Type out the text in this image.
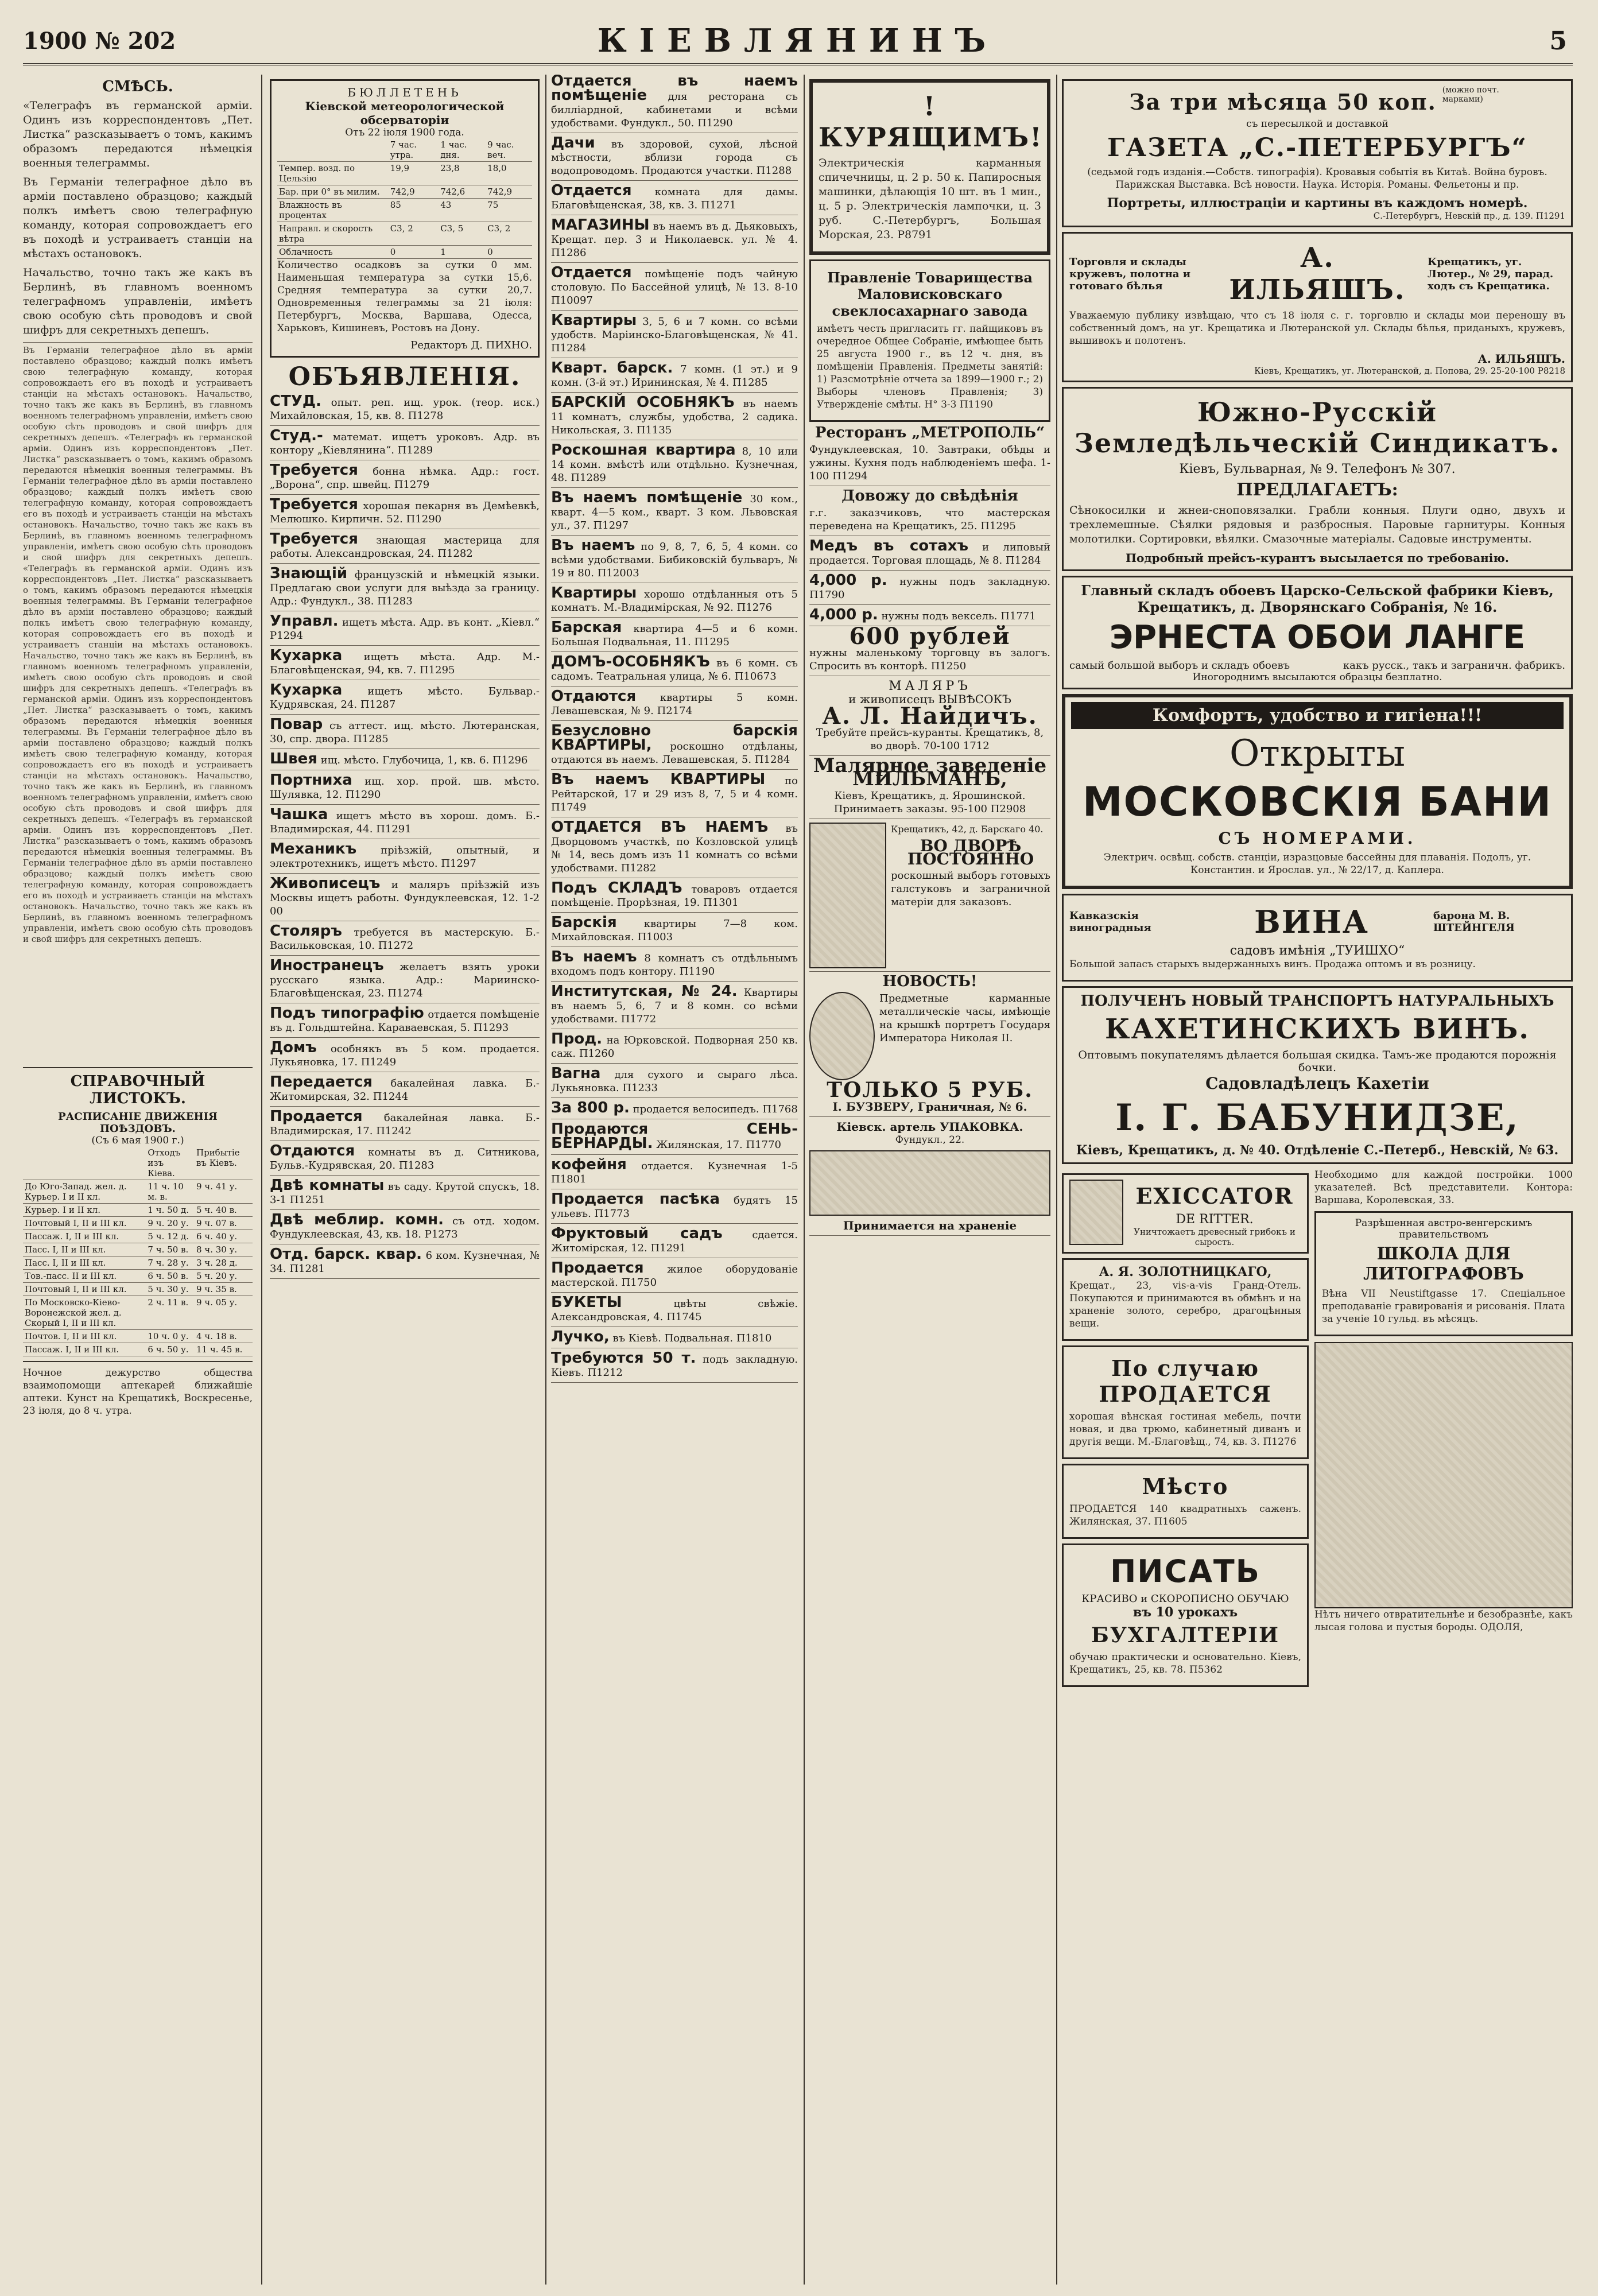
1900 № 202	КІЕВЛЯНИНЪ	5
СМѢСЬ.

«Телеграфъ въ германской арміи. Одинъ изъ корреспондентовъ „Пет. Листка“ разсказываетъ о томъ, какимъ образомъ передаются нѣмецкія военныя телеграммы.

Въ Германіи телеграфное дѣло въ арміи поставлено образцово; каждый полкъ имѣетъ свою телеграфную команду, которая сопровождаетъ его въ походѣ и устраиваетъ станціи на мѣстахъ остановокъ.

Начальство, точно такъ же какъ въ Берлинѣ, въ главномъ военномъ телеграфномъ управленіи, имѣетъ свою особую сѣть проводовъ и свой шифръ для секретныхъ депешъ.

Въ Германіи телеграфное дѣло въ арміи поставлено образцово; каждый полкъ имѣетъ свою телеграфную команду, которая сопровождаетъ его въ походѣ и устраиваетъ станціи на мѣстахъ остановокъ. Начальство, точно такъ же какъ въ Берлинѣ, въ главномъ военномъ телеграфномъ управленіи, имѣетъ свою особую сѣть проводовъ и свой шифръ для секретныхъ депешъ. «Телеграфъ въ германской арміи. Одинъ изъ корреспондентовъ „Пет. Листка“ разсказываетъ о томъ, какимъ образомъ передаются нѣмецкія военныя телеграммы. Въ Германіи телеграфное дѣло въ арміи поставлено образцово; каждый полкъ имѣетъ свою телеграфную команду, которая сопровождаетъ его въ походѣ и устраиваетъ станціи на мѣстахъ остановокъ. Начальство, точно такъ же какъ въ Берлинѣ, въ главномъ военномъ телеграфномъ управленіи, имѣетъ свою особую сѣть проводовъ и свой шифръ для секретныхъ депешъ. «Телеграфъ въ германской арміи. Одинъ изъ корреспондентовъ „Пет. Листка“ разсказываетъ о томъ, какимъ образомъ передаются нѣмецкія военныя телеграммы. Въ Германіи телеграфное дѣло въ арміи поставлено образцово; каждый полкъ имѣетъ свою телеграфную команду, которая сопровождаетъ его въ походѣ и устраиваетъ станціи на мѣстахъ остановокъ. Начальство, точно такъ же какъ въ Берлинѣ, въ главномъ военномъ телеграфномъ управленіи, имѣетъ свою особую сѣть проводовъ и свой шифръ для секретныхъ депешъ. «Телеграфъ въ германской арміи. Одинъ изъ корреспондентовъ „Пет. Листка“ разсказываетъ о томъ, какимъ образомъ передаются нѣмецкія военныя телеграммы. Въ Германіи телеграфное дѣло въ арміи поставлено образцово; каждый полкъ имѣетъ свою телеграфную команду, которая сопровождаетъ его въ походѣ и устраиваетъ станціи на мѣстахъ остановокъ. Начальство, точно такъ же какъ въ Берлинѣ, въ главномъ военномъ телеграфномъ управленіи, имѣетъ свою особую сѣть проводовъ и свой шифръ для секретныхъ депешъ. «Телеграфъ въ германской арміи. Одинъ изъ корреспондентовъ „Пет. Листка“ разсказываетъ о томъ, какимъ образомъ передаются нѣмецкія военныя телеграммы. Въ Германіи телеграфное дѣло въ арміи поставлено образцово; каждый полкъ имѣетъ свою телеграфную команду, которая сопровождаетъ его въ походѣ и устраиваетъ станціи на мѣстахъ остановокъ. Начальство, точно такъ же какъ въ Берлинѣ, въ главномъ военномъ телеграфномъ управленіи, имѣетъ свою особую сѣть проводовъ и свой шифръ для секретныхъ депешъ.
СПРАВОЧНЫЙ ЛИСТОКЪ.
РАСПИСАНІЕ ДВИЖЕНІЯ ПОѢЗДОВЪ.
(Съ 6 мая 1900 г.)
	Отходъ изъ Кіева.	Прибытіе въ Кіевъ.
До Юго-Запад. жел. д. Курьер. I и II кл.	11 ч. 10 м. в.	9 ч. 41 у.
Курьер. I и II кл.	1 ч. 50 д.	5 ч. 40 в.
Почтовый I, II и III кл.	9 ч. 20 у.	9 ч. 07 в.
Пассаж. I, II и III кл.	5 ч. 12 д.	6 ч. 40 у.
Пасс. I, II и III кл.	7 ч. 50 в.	8 ч. 30 у.
Пасс. I, II и III кл.	7 ч. 28 у.	3 ч. 28 д.
Тов.-пасс. II и III кл.	6 ч. 50 в.	5 ч. 20 у.
Почтовый I, II и III кл.	5 ч. 30 у.	9 ч. 35 в.
По Московско-Кіево-Воронежской жел. д. Скорый I, II и III кл.	2 ч. 11 в.	9 ч. 05 у.
Почтов. I, II и III кл.	10 ч. 0 у.	4 ч. 18 в.
Пассаж. I, II и III кл.	6 ч. 50 у.	11 ч. 45 в.

Ночное дежурство общества взаимопомощи аптекарей ближайшіе аптеки. Кунст на Крещатикѣ, Воскресенье, 23 іюля, до 8 ч. утра.

БЮЛЛЕТЕНЬ
Кіевской метеорологической обсерваторіи
Отъ 22 іюля 1900 года.
	7 час. утра.	1 час. дня.	9 час. веч.
Темпер. возд. по Цельзію	19,9	23,8	18,0
Бар. при 0° въ милим.	742,9	742,6	742,9
Влажность въ процентах	85	43	75
Направл. и скорость вѣтра	С3, 2	С3, 5	С3, 2
Облачность	0	1	0

Количество осадковъ за сутки 0 мм. Наименьшая температура за сутки 15,6. Средняя температура за сутки 20,7. Одновременныя телеграммы за 21 іюля: Петербургъ, Москва, Варшава, Одесса, Харьковъ, Кишиневъ, Ростовъ на Дону.

Редакторъ Д. ПИХНО.
ОБЪЯВЛЕНІЯ.
СТУД. опыт. реп. ищ. урок. (теор. иск.) Михайловская, 15, кв. 8. П1278
Студ.- математ. ищетъ уроковъ. Адр. въ контору „Кіевлянина“. П1289
Требуется бонна нѣмка. Адр.: гост. „Ворона“, спр. швейц. П1279
Требуется хорошая пекарня въ Демѣевкѣ, Мелюшко. Кирпичн. 52. П1290
Требуется знающая мастерица для работы. Александровская, 24. П1282
Знающій французскій и нѣмецкій языки. Предлагаю свои услуги для выѣзда за границу. Адр.: Фундукл., 38. П1283
Управл. ищетъ мѣста. Адр. въ конт. „Кіевл.“ Р1294
Кухарка ищетъ мѣста. Адр. М.-Благовѣщенская, 94, кв. 7. П1295
Кухарка ищетъ мѣсто. Бульвар.-Кудрявская, 24. П1287
Повар съ аттест. ищ. мѣсто. Лютеранская, 30, спр. двора. П1285
Швея ищ. мѣсто. Глубочица, 1, кв. 6. П1296
Портниха ищ. хор. прой. шв. мѣсто. Шулявка, 12. П1290
Чашка ищетъ мѣсто въ хорош. домъ. Б.-Владимирская, 44. П1291
Механикъ пріѣзжій, опытный, и электротехникъ, ищетъ мѣсто. П1297
Живописецъ и маляръ пріѣзжій изъ Москвы ищетъ работы. Фундуклеевская, 12. 1-2 00
Столяръ требуется въ мастерскую. Б.-Васильковская, 10. П1272
Иностранецъ желаетъ взять уроки русскаго языка. Адр.: Мариинско-Благовѣщенская, 23. П1274
Подъ типографію отдается помѣщеніе въ д. Гольдштейна. Караваевская, 5. П1293
Домъ особнякъ въ 5 ком. продается. Лукьяновка, 17. П1249
Передается бакалейная лавка. Б.-Житомирская, 32. П1244
Продается бакалейная лавка. Б.-Владимирская, 17. П1242
Отдаются комнаты въ д. Ситникова, Бульв.-Кудрявская, 20. П1283
Двѣ комнаты въ саду. Крутой спускъ, 18. 3-1 П1251
Двѣ меблир. комн. съ отд. ходом. Фундуклеевская, 43, кв. 18. Р1273
Отд. барск. квар. 6 ком. Кузнечная, № 34. П1281
Отдается въ наемъ помѣщеніе для ресторана съ билліардной, кабинетами и всѣми удобствами. Фундукл., 50. П1290
Дачи въ здоровой, сухой, лѣсной мѣстности, вблизи города съ водопроводомъ. Продаются участки. П1288
Отдается комната для дамы. Благовѣщенская, 38, кв. 3. П1271
МАГАЗИНЫ въ наемъ въ д. Дьяковыхъ, Крещат. пер. 3 и Николаевск. ул. № 4. П1286
Отдается помѣщеніе подъ чайную столовую. По Бассейной улицѣ, № 13. 8-10 П10097
Квартиры 3, 5, 6 и 7 комн. со всѣми удобств. Маріинско-Благовѣщенская, № 41. П1284
Кварт. барск. 7 комн. (1 эт.) и 9 комн. (3-й эт.) Ирининская, № 4. П1285
БАРСКІЙ ОСОБНЯКЪ въ наемъ 11 комнатъ, службы, удобства, 2 садика. Никольская, 3. П1135
Роскошная квартира 8, 10 или 14 комн. вмѣстѣ или отдѣльно. Кузнечная, 48. П1289
Въ наемъ помѣщеніе 30 ком., кварт. 4—5 ком., кварт. 3 ком. Львовская ул., 37. П1297
Въ наемъ по 9, 8, 7, 6, 5, 4 комн. со всѣми удобствами. Бибиковскій бульваръ, № 19 и 80. П12003
Квартиры хорошо отдѣланныя отъ 5 комнатъ. М.-Владимірская, № 92. П1276
Барская квартира 4—5 и 6 комн. Большая Подвальная, 11. П1295
ДОМЪ-ОСОБНЯКЪ въ 6 комн. съ садомъ. Театральная улица, № 6. П10673
Отдаются квартиры 5 комн. Левашевская, № 9. П2174
Безусловно барскія КВАРТИРЫ, роскошно отдѣланы, отдаются въ наемъ. Левашевская, 5. П1284
Въ наемъ КВАРТИРЫ по Рейтарской, 17 и 29 изъ 8, 7, 5 и 4 комн. П1749
ОТДАЕТСЯ ВЪ НАЕМЪ въ Дворцовомъ участкѣ, по Козловской улицѣ № 14, весь домъ изъ 11 комнатъ со всѣми удобствами. П1282
Подъ СКЛАДЪ товаровъ отдается помѣщеніе. Прорѣзная, 19. П1301
Барскія	квартиры 7—8 ком. Михайловская. П1003
Въ наемъ 8 комнатъ съ отдѣльнымъ входомъ подъ контору. П1190
Институтская, № 24. Квартиры въ наемъ 5, 6, 7 и 8 комн. со всѣми удобствами. П1772
Прод. на Юрковской. Подворная 250 кв. саж. П1260
Вагна для сухого и сыраго лѣса. Лукьяновка. П1233
За 800 р. продается велосипедъ. П1768
Продаются СЕНЬ-БЕРНАРДЫ. Жилянская, 17. П1770
кофейня отдается. Кузнечная 1-5 П1801
Продается пасѣка будятъ 15 ульевъ. П1773
Фруктовый садъ	сдается. Житомірская, 12. П1291
Продается жилое оборудованіе мастерской. П1750
БУКЕТЫ	цвѣты свѣжіе. Александровская, 4. П1745
Лучко, въ Кіевѣ. Подвальная. П1810
Требуются 50 т. подъ закладную. Кіевъ. П1212
! КУРЯЩИМЪ!

Электрическія карманныя спичечницы, ц. 2 р. 50 к. Папиросныя машинки, дѣлающія 10 шт. въ 1 мин., ц. 5 р. Электрическія лампочки, ц. 3 руб. С.-Петербургъ, Большая Морская, 23. Р8791

Правленіе Товарищества Маловисковскаго свеклосахарнаго завода

имѣетъ честь пригласить гг. пайщиковъ въ очередное Общее Собраніе, имѣющее быть 25 августа 1900 г., въ 12 ч. дня, въ помѣщеніи Правленія. Предметы занятій: 1) Разсмотрѣніе отчета за 1899—1900 г.; 2) Выборы членовъ Правленія; 3) Утвержденіе смѣты. Н° 3-3 П1190

Ресторанъ „МЕТРОПОЛЬ“
Фундуклеевская, 10. Завтраки, обѣды и ужины. Кухня подъ наблюденіемъ шефа. 1-100 П1294
Довожу до свѣдѣнія
г.г. заказчиковъ, что мастерская переведена на Крещатикъ, 25. П1295
Медъ въ сотахъ и липовый продается. Торговая площадь, № 8. П1284
4,000 р. нужны подъ закладную. П1790
4,000 р. нужны подъ вексель. П1771
600 рублей
нужны маленькому торговцу въ залогъ. Спросить въ конторѣ. П1250
МАЛЯРЪ
и живописецъ ВЫВѢСОКЪ
А. Л. Найдичъ.
Требуйте прейсъ-куранты. Крещатикъ, 8, во дворѣ. 70-100 1712
Малярное заведеніе МИЛЬМАНЪ,
Кіевъ, Крещатикъ, д. Ярошинской. Принимаетъ заказы. 95-100 П2908
Крещатикъ, 42, д. Барскаго 40.
ВО ДВОРѢ ПОСТОЯННО
роскошный выборъ готовыхъ галстуковъ и заграничной матеріи для заказовъ.
НОВОСТЬ!
Предметные карманные металлическіе часы, имѣющіе на крышкѣ портретъ Государя Императора Николая II.
ТОЛЬКО 5 РУБ.
I. БУЗВЕРУ, Граничная, № 6.
Кіевск. артель УПАКОВКА.
Фундукл., 22.
Принимается на храненіе
За три мѣсяца 50 коп. (можно почт. марками)
съ пересылкой и доставкой
ГАЗЕТА „С.-ПЕТЕРБУРГЪ“

(седьмой годъ изданія.—Собств. типографія). Кровавыя событія въ Китаѣ. Война буровъ. Парижская Выставка. Всѣ новости. Наука. Исторія. Романы. Фельетоны и пр.

Портреты, иллюстраціи и картины въ каждомъ номерѣ.
С.-Петербургъ, Невскій пр., д. 139. П1291
Торговля и склады кружевъ, полотна и готоваго бѣлья
А. ИЛЬЯШЪ.
Крещатикъ, уг. Лютер., № 29, парад. ходъ съ Крещатика.

Уважаемую публику извѣщаю, что съ 18 іюля с. г. торговлю и склады мои переношу въ собственный домъ, на уг. Крещатика и Лютеранской ул. Склады бѣлья, приданыхъ, кружевъ, вышивокъ и полотенъ.

А. ИЛЬЯШЪ.
Кіевъ, Крещатикъ, уг. Лютеранской, д. Попова, 29. 25-20-100 Р8218
Южно-Русскій Земледѣльческій Синдикатъ.
Кіевъ, Бульварная, № 9. Телефонъ № 307.
ПРЕДЛАГАЕТЪ:

Сѣнокосилки и жнеи-сноповязалки. Грабли конныя. Плуги одно, двухъ и трехлемешные. Сѣялки рядовыя и разбросныя. Паровые гарнитуры. Конныя молотилки. Сортировки, вѣялки. Смазочные матеріалы. Садовые инструменты.

Подробный прейсъ-курантъ высылается по требованію.
Главный складъ обоевъ Царско-Сельской фабрики Кіевъ, Крещатикъ, д. Дворянскаго Собранія, № 16.
ЭРНЕСТА ОБОИ ЛАНГЕ
самый большой выборъ и складъ обоевъ	какъ русск., такъ и заграничн. фабрикъ.
Иногороднимъ высылаются образцы безплатно.
Комфортъ, удобство и гигіена!!!
Открыты
МОСКОВСКІЯ БАНИ
СЪ НОМЕРАМИ.

Электрич. освѣщ. собств. станціи, изразцовые бассейны для плаванія. Подолъ, уг. Константин. и Ярослав. ул., № 22/17, д. Каплера.

Кавказскія виноградныя	ВИНА	барона М. В. ШТЕЙНГЕЛЯ
садовъ имѣнія „ТУИШХО“

Большой запасъ старыхъ выдержанныхъ винъ. Продажа оптомъ и въ розницу.

ПОЛУЧЕНЪ НОВЫЙ ТРАНСПОРТЪ НАТУРАЛЬНЫХЪ
КАХЕТИНСКИХЪ ВИНЪ.
Оптовымъ покупателямъ дѣлается большая скидка. Тамъ-же продаются порожнія бочки.
Садовладѣлецъ Кахетіи
І. Г. БАБУНИДЗЕ,
Кіевъ, Крещатикъ, д. № 40. Отдѣленіе С.-Петерб., Невскій, № 63.
EXICCATOR
DE RITTER.
Уничтожаетъ древесный грибокъ и сырость.
А. Я. ЗОЛОТНИЦКАГО,

Крещат., 23, vis-a-vis Гранд-Отель. Покупаются и принимаются въ обмѣнъ и на храненіе золото, серебро, драгоцѣнныя вещи.

По случаю ПРОДАЕТСЯ

хорошая вѣнская гостиная мебель, почти новая, и два трюмо, кабинетный диванъ и другія вещи. М.-Благовѣщ., 74, кв. 3. П1276

Мѣсто

ПРОДАЕТСЯ 140 квадратныхъ саженъ. Жилянская, 37. П1605

ПИСАТЬ
КРАСИВО и СКОРОПИСНО ОБУЧАЮ
въ 10 урокахъ
БУХГАЛТЕРІИ

обучаю практически и основательно. Кіевъ, Крещатикъ, 25, кв. 78. П5362

Необходимо для каждой постройки. 1000 указателей. Всѣ представители. Контора: Варшава, Королевская, 33.

Разрѣшенная австро-венгерскимъ правительствомъ
ШКОЛА ДЛЯ ЛИТОГРАФОВЪ

Вѣна VII Neustiftgasse 17. Спеціальное преподаваніе гравированія и рисованія. Плата за ученіе 10 гульд. въ мѣсяцъ.

Нѣтъ ничего отвратительнѣе и безобразнѣе, какъ лысая голова и пустыя бороды. ОДОЛЯ,
